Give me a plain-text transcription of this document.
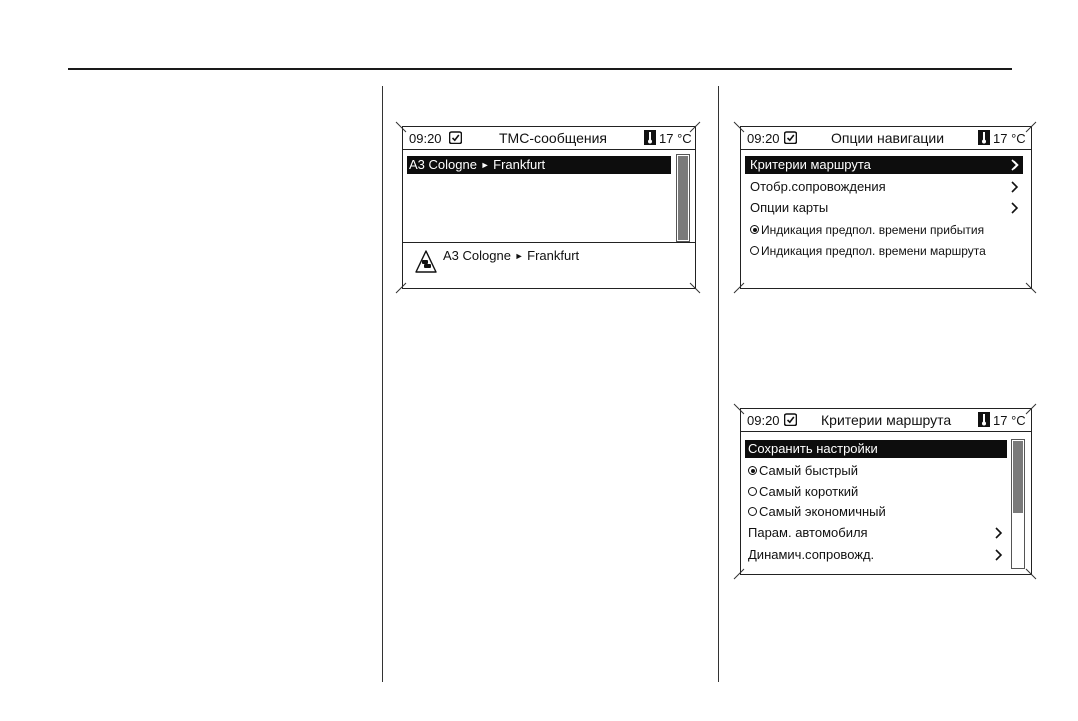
09:20	ТМС-сообщения	17 °C
A3 Cologne ► Frankfurt
A3 Cologne ► Frankfurt
09:20	Опции навигации	17 °C
Критерии маршрута
Отобр.сопровождения
Опции карты
Индикация предпол. времени прибытия
Индикация предпол. времени маршрута
09:20	Критерии маршрута	17 °C
Сохранить настройки
Самый быстрый
Самый короткий
Самый экономичный
Парам. автомобиля
Динамич.сопровожд.
